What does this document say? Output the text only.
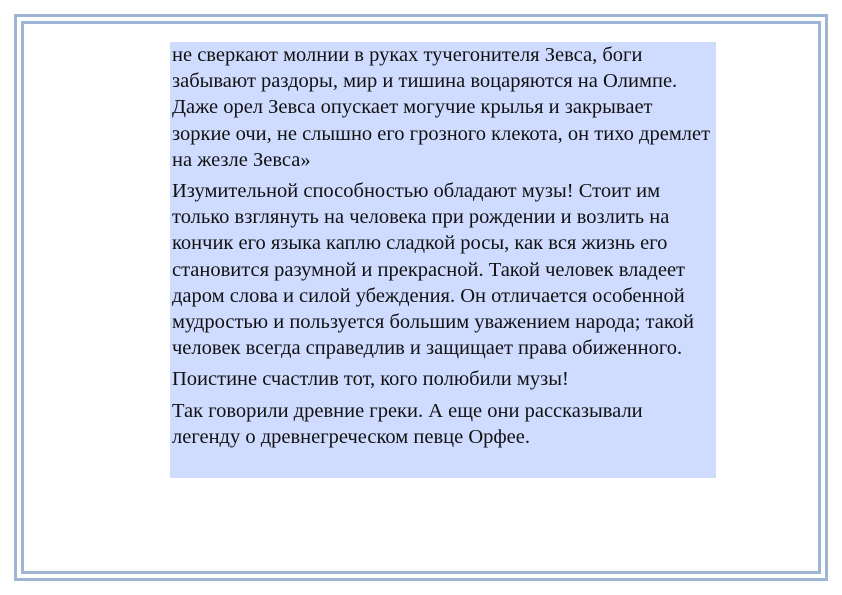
не сверкают молнии в руках тучегонителя Зевса, боги забывают раздоры, мир и тишина воцаряются на Олимпе. Даже орел Зевса опускает могучие крылья и закрывает зоркие очи, не слышно его грозного клекота, он тихо дремлет на жезле Зевса»

Изумительной способностью обладают музы! Стоит им только взглянуть на человека при рождении и возлить на кончик его языка каплю сладкой росы, как вся жизнь его становится разумной и прекрасной. Такой человек владеет даром слова и силой убеждения. Он отличается особенной мудростью и пользуется большим уважением народа; такой человек всегда справедлив и защищает права обиженного.

Поистине счастлив тот, кого полюбили музы!

Так говорили древние греки. А еще они рассказывали легенду о древнегреческом певце Орфее.
